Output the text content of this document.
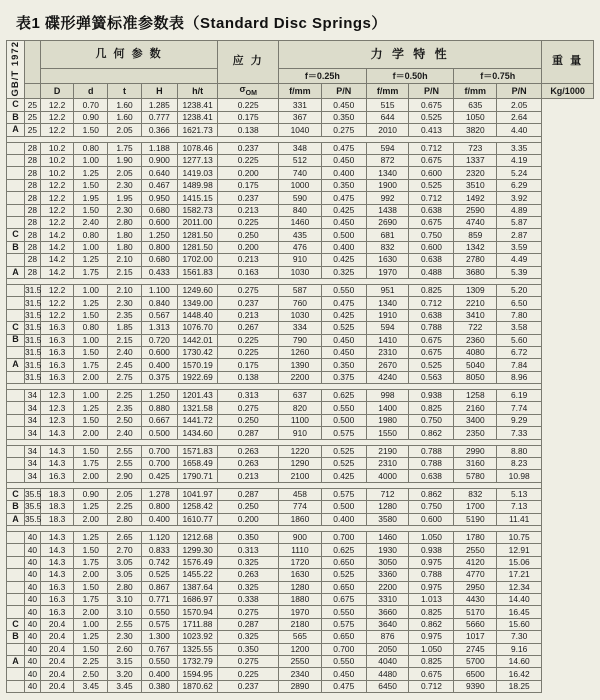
表1 碟形弹簧标准参数表（Standard Disc Springs）
GB/T 1972		几 何 参 数					应 力	力 学 特 性						重 量
								f＝0.25h		f＝0.50h		f＝0.75h		
		D	d	t	H	h/t	$\sigma_{OM}$	f/mm	P/N	f/mm	P/N	f/mm	P/N	Kg/1000
C	25	12.2	0.70	1.60	1.285	1238.41	0.225	331	0.450	515	0.675	635	2.05	
B	25	12.2	0.90	1.60	0.777	1238.41	0.175	367	0.350	644	0.525	1050	2.64	
A	25	12.2	1.50	2.05	0.366	1621.73	0.138	1040	0.275	2010	0.413	3820	4.40	

	28	10.2	0.80	1.75	1.188	1078.46	0.237	348	0.475	594	0.712	723	3.35	
	28	10.2	1.00	1.90	0.900	1277.13	0.225	512	0.450	872	0.675	1337	4.19	
	28	10.2	1.25	2.05	0.640	1419.03	0.200	740	0.400	1340	0.600	2320	5.24	
	28	12.2	1.50	2.30	0.467	1489.98	0.175	1000	0.350	1900	0.525	3510	6.29	
	28	12.2	1.95	1.95	0.950	1415.15	0.237	590	0.475	992	0.712	1492	3.92	
	28	12.2	1.50	2.30	0.680	1582.73	0.213	840	0.425	1438	0.638	2590	4.89	
	28	12.2	2.40	2.80	0.600	2011.00	0.225	1460	0.450	2690	0.675	4740	5.87	
C	28	14.2	0.80	1.80	1.250	1281.50	0.250	435	0.500	681	0.750	859	2.87	
B	28	14.2	1.00	1.80	0.800	1281.50	0.200	476	0.400	832	0.600	1342	3.59	
	28	14.2	1.25	2.10	0.680	1702.00	0.213	910	0.425	1630	0.638	2780	4.49	
A	28	14.2	1.75	2.15	0.433	1561.83	0.163	1030	0.325	1970	0.488	3680	5.39	

	31.5	12.2	1.00	2.10	1.100	1249.60	0.275	587	0.550	951	0.825	1309	5.20	
	31.5	12.2	1.25	2.30	0.840	1349.00	0.237	760	0.475	1340	0.712	2210	6.50	
	31.5	12.2	1.50	2.35	0.567	1448.40	0.213	1030	0.425	1910	0.638	3410	7.80	
C	31.5	16.3	0.80	1.85	1.313	1076.70	0.267	334	0.525	594	0.788	722	3.58	
B	31.5	16.3	1.00	2.15	0.720	1442.01	0.225	790	0.450	1410	0.675	2360	5.60	
	31.5	16.3	1.50	2.40	0.600	1730.42	0.225	1260	0.450	2310	0.675	4080	6.72	
A	31.5	16.3	1.75	2.45	0.400	1570.19	0.175	1390	0.350	2670	0.525	5040	7.84	
	31.5	16.3	2.00	2.75	0.375	1922.69	0.138	2200	0.375	4240	0.563	8050	8.96	

	34	12.3	1.00	2.25	1.250	1201.43	0.313	637	0.625	998	0.938	1258	6.19	
	34	12.3	1.25	2.35	0.880	1321.58	0.275	820	0.550	1400	0.825	2160	7.74	
	34	12.3	1.50	2.50	0.667	1441.72	0.250	1100	0.500	1980	0.750	3400	9.29	
	34	14.3	2.00	2.40	0.500	1434.60	0.287	910	0.575	1550	0.862	2350	7.33	

	34	14.3	1.50	2.55	0.700	1571.83	0.263	1220	0.525	2190	0.788	2990	8.80	
	34	14.3	1.75	2.55	0.700	1658.49	0.263	1290	0.525	2310	0.788	3160	8.23	
	34	16.3	2.00	2.90	0.425	1790.71	0.213	2100	0.425	4000	0.638	5780	10.98	

C	35.5	18.3	0.90	2.05	1.278	1041.97	0.287	458	0.575	712	0.862	832	5.13	
B	35.5	18.3	1.25	2.25	0.800	1258.42	0.250	774	0.500	1280	0.750	1700	7.13	
A	35.5	18.3	2.00	2.80	0.400	1610.77	0.200	1860	0.400	3580	0.600	5190	11.41	

	40	14.3	1.25	2.65	1.120	1212.68	0.350	900	0.700	1460	1.050	1780	10.75	
	40	14.3	1.50	2.70	0.833	1299.30	0.313	1110	0.625	1930	0.938	2550	12.91	
	40	14.3	1.75	3.05	0.742	1576.49	0.325	1720	0.650	3050	0.975	4120	15.06	
	40	14.3	2.00	3.05	0.525	1455.22	0.263	1630	0.525	3360	0.788	4770	17.21	
	40	16.3	1.50	2.80	0.867	1387.64	0.325	1280	0.650	2200	0.975	2950	12.34	
	40	16.3	1.75	3.10	0.771	1686.97	0.338	1880	0.675	3310	1.013	4430	14.40	
	40	16.3	2.00	3.10	0.550	1570.94	0.275	1970	0.550	3660	0.825	5170	16.45	
C	40	20.4	1.00	2.55	0.575	1711.88	0.287	2180	0.575	3640	0.862	5660	15.60	
B	40	20.4	1.25	2.30	1.300	1023.92	0.325	565	0.650	876	0.975	1017	7.30	
	40	20.4	1.50	2.60	0.767	1325.55	0.350	1200	0.700	2050	1.050	2745	9.16	
A	40	20.4	2.25	3.15	0.550	1732.79	0.275	2550	0.550	4040	0.825	5700	14.60	
	40	20.4	2.50	3.20	0.400	1594.95	0.225	2340	0.450	4480	0.675	6500	16.42	
	40	20.4	3.45	3.45	0.380	1870.62	0.237	2890	0.475	6450	0.712	9390	18.25	
